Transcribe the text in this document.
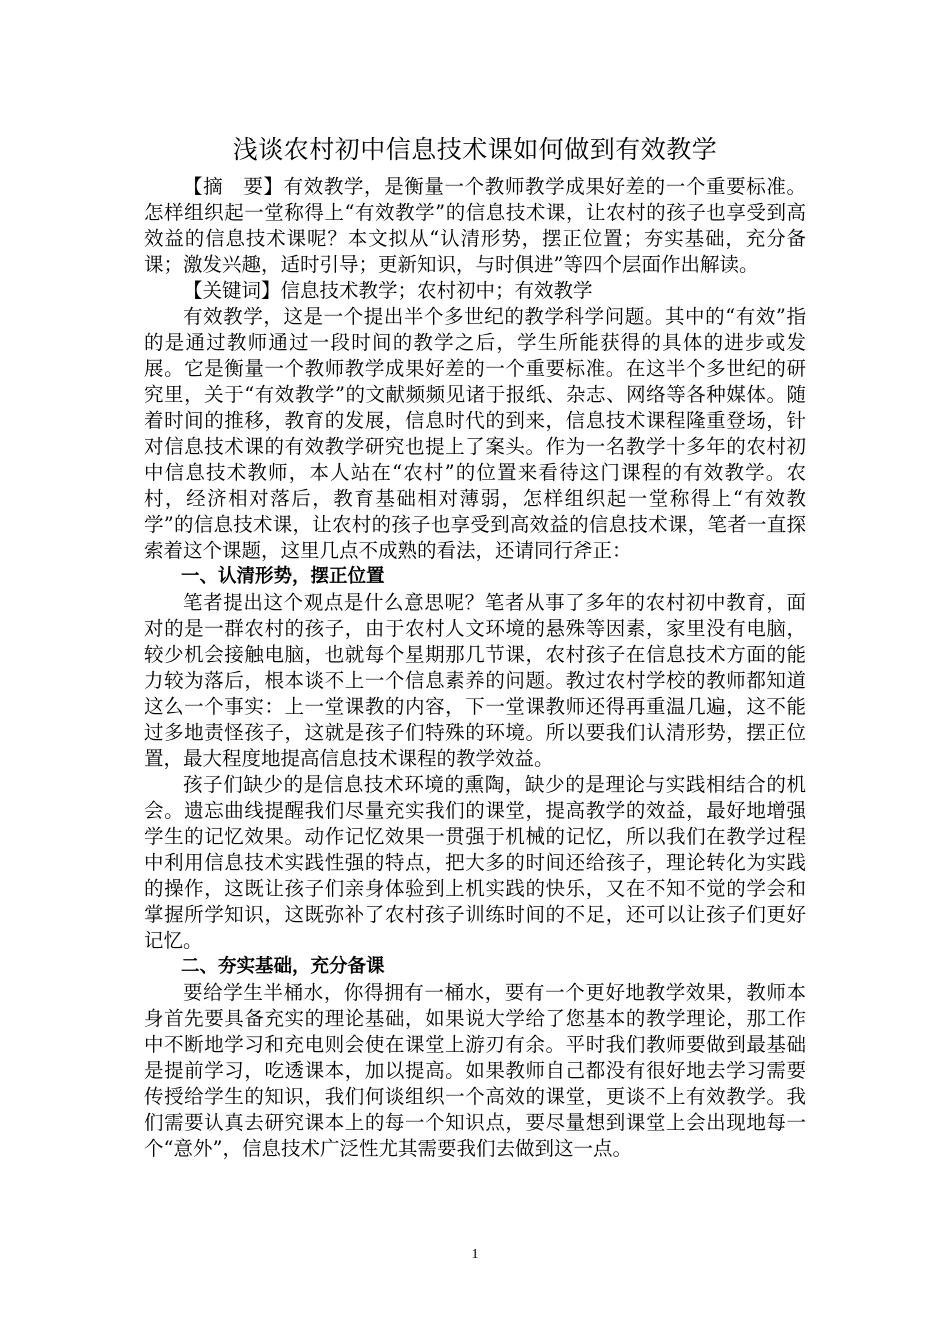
浅谈农村初中信息技术课如何做到有效教学

【摘　要】有效教学，是衡量一个教师教学成果好差的一个重要标准。怎样组织起一堂称得上“有效教学”的信息技术课，让农村的孩子也享受到高效益的信息技术课呢？本文拟从“认清形势，摆正位置；夯实基础，充分备课；激发兴趣，适时引导；更新知识，与时俱进”等四个层面作出解读。

【关键词】信息技术教学；农村初中；有效教学

有效教学，这是一个提出半个多世纪的教学科学问题。其中的“有效”指的是通过教师通过一段时间的教学之后，学生所能获得的具体的进步或发展。它是衡量一个教师教学成果好差的一个重要标准。在这半个多世纪的研究里，关于“有效教学”的文献频频见诸于报纸、杂志、网络等各种媒体。随着时间的推移，教育的发展，信息时代的到来，信息技术课程隆重登场，针对信息技术课的有效教学研究也提上了案头。作为一名教学十多年的农村初中信息技术教师，本人站在“农村”的位置来看待这门课程的有效教学。农村，经济相对落后，教育基础相对薄弱，怎样组织起一堂称得上“有效教学”的信息技术课，让农村的孩子也享受到高效益的信息技术课，笔者一直探索着这个课题，这里几点不成熟的看法，还请同行斧正：

一、认清形势，摆正位置

笔者提出这个观点是什么意思呢？笔者从事了多年的农村初中教育，面对的是一群农村的孩子，由于农村人文环境的悬殊等因素，家里没有电脑，较少机会接触电脑，也就每个星期那几节课，农村孩子在信息技术方面的能力较为落后，根本谈不上一个信息素养的问题。教过农村学校的教师都知道这么一个事实：上一堂课教的内容，下一堂课教师还得再重温几遍，这不能过多地责怪孩子，这就是孩子们特殊的环境。所以要我们认清形势，摆正位置，最大程度地提高信息技术课程的教学效益。

孩子们缺少的是信息技术环境的熏陶，缺少的是理论与实践相结合的机会。遗忘曲线提醒我们尽量充实我们的课堂，提高教学的效益，最好地增强学生的记忆效果。动作记忆效果一贯强于机械的记忆，所以我们在教学过程中利用信息技术实践性强的特点，把大多的时间还给孩子，理论转化为实践的操作，这既让孩子们亲身体验到上机实践的快乐，又在不知不觉的学会和掌握所学知识，这既弥补了农村孩子训练时间的不足，还可以让孩子们更好记忆。

二、夯实基础，充分备课

要给学生半桶水，你得拥有一桶水，要有一个更好地教学效果，教师本身首先要具备充实的理论基础，如果说大学给了您基本的教学理论，那工作中不断地学习和充电则会使在课堂上游刃有余。平时我们教师要做到最基础是提前学习，吃透课本，加以提高。如果教师自己都没有很好地去学习需要传授给学生的知识，我们何谈组织一个高效的课堂，更谈不上有效教学。我们需要认真去研究课本上的每一个知识点，要尽量想到课堂上会出现地每一个“意外”，信息技术广泛性尤其需要我们去做到这一点。

1
